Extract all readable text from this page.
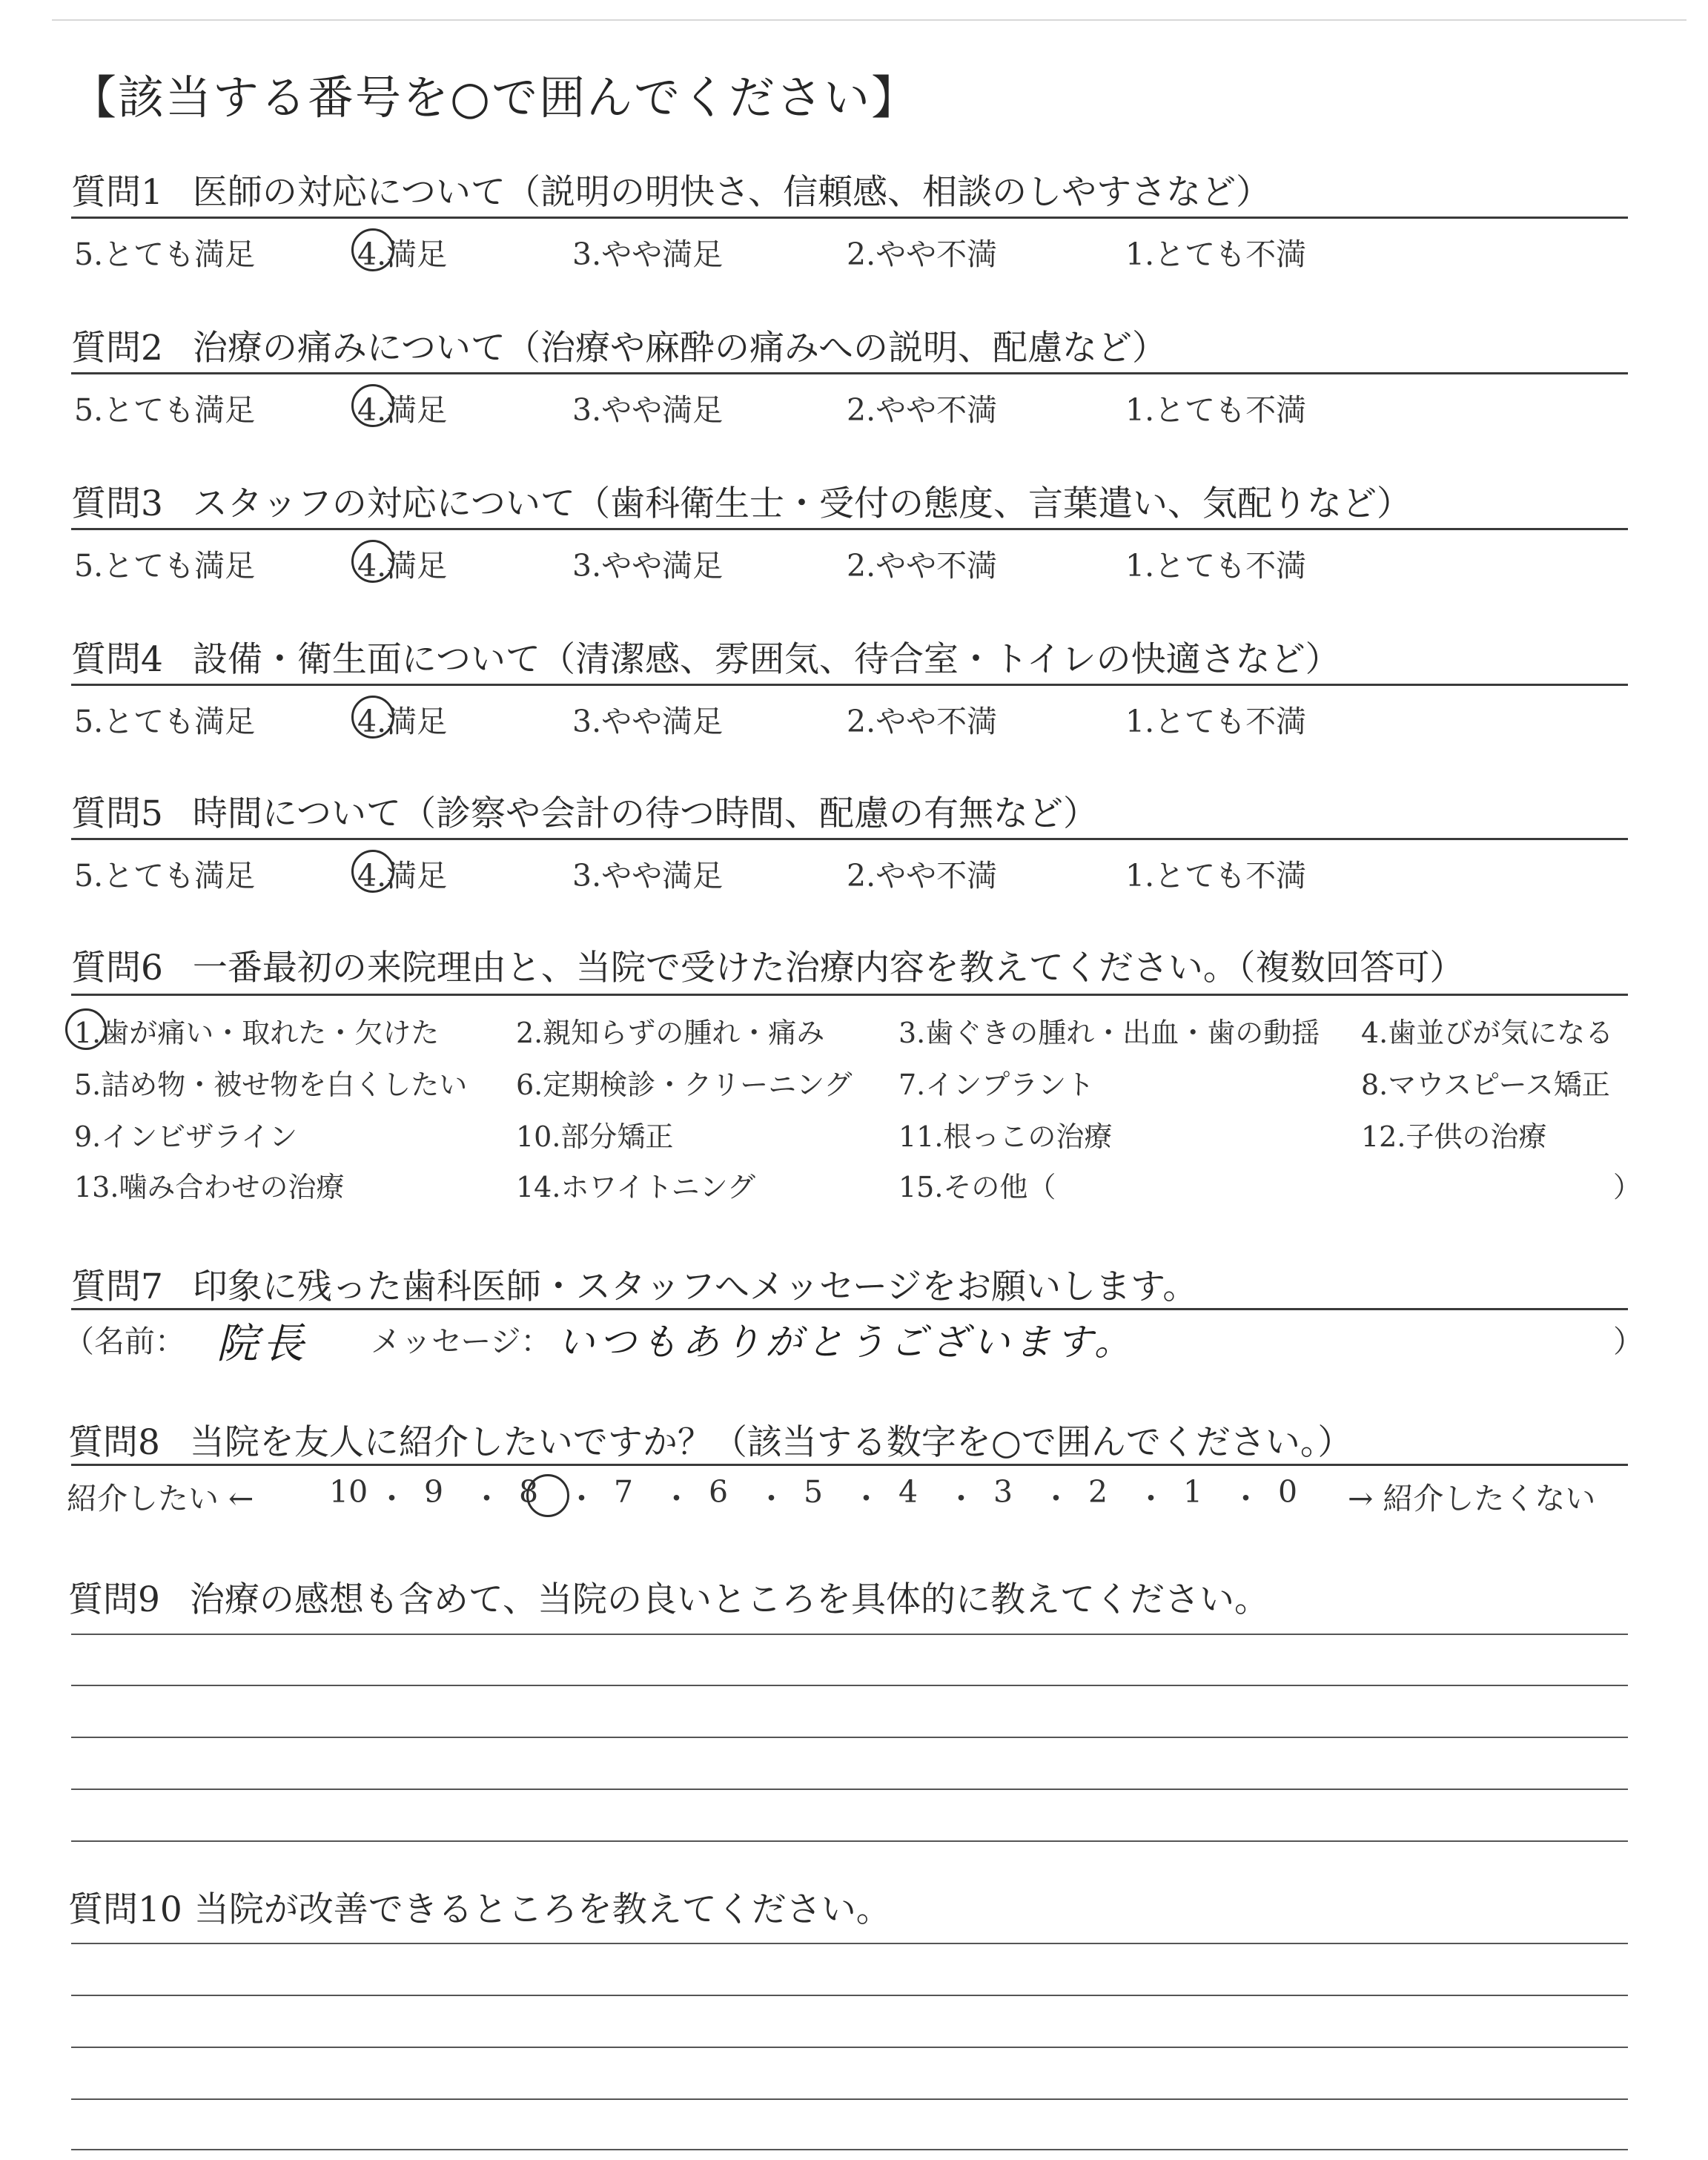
【該当する番号を○で囲んでください】
質問1 医師の対応について（説明の明快さ、信頼感、相談のしやすさなど）
5.とても満足	4.満足	3.やや満足	2.やや不満	1.とても不満
質問2 治療の痛みについて（治療や麻酔の痛みへの説明、配慮など）
5.とても満足	4.満足	3.やや満足	2.やや不満	1.とても不満
質問3 スタッフの対応について（歯科衛生士・受付の態度、言葉遣い、気配りなど）
5.とても満足	4.満足	3.やや満足	2.やや不満	1.とても不満
質問4 設備・衛生面について（清潔感、雰囲気、待合室・トイレの快適さなど）
5.とても満足	4.満足	3.やや満足	2.やや不満	1.とても不満
質問5 時間について（診察や会計の待つ時間、配慮の有無など）
5.とても満足	4.満足	3.やや満足	2.やや不満	1.とても不満
質問6 一番最初の来院理由と、当院で受けた治療内容を教えてください。（複数回答可）
1.歯が痛い・取れた・欠けた	2.親知らずの腫れ・痛み	3.歯ぐきの腫れ・出血・歯の動揺 4.歯並びが気になる
5.詰め物・被せ物を白くしたい 6.定期検診・クリーニング 7.インプラント	8.マウスピース矯正
9.インビザライン	10.部分矯正	11.根っこの治療	12.子供の治療
13.噛み合わせの治療	14.ホワイトニング	15.その他（	）
質問7 印象に残った歯科医師・スタッフへメッセージをお願いします。
（名前： 院長 メッセージ： いつもありがとうございます。	）
質問8 当院を友人に紹介したいですか？（該当する数字を○で囲んでください。）
紹介したい ← 10 ・ 9 ・ 8 ・ 7 ・ 6 ・ 5 ・ 4 ・ 3 ・ 2 ・ 1 ・ 0 → 紹介したくない
質問9 治療の感想も含めて、当院の良いところを具体的に教えてください。
質問10 当院が改善できるところを教えてください。
